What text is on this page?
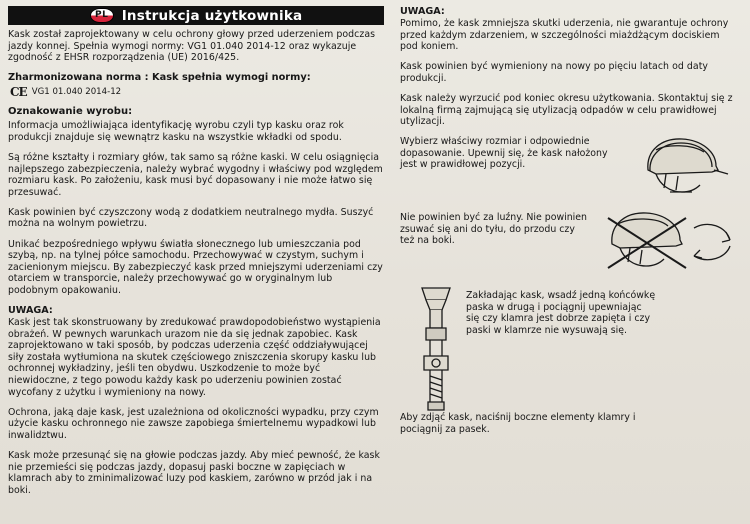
PL Instrukcja użytkownika

Kask został zaprojektowany w celu ochrony głowy przed uderzeniem podczas jazdy konnej. Spełnia wymogi normy: VG1 01.040 2014-12 oraz wykazuje zgodność z EHSR rozporządzenia (UE) 2016/425.

Zharmonizowana norma : Kask spełnia wymogi normy:
CE VG1 01.040 2014-12
Oznakowanie wyrobu:

Informacja umożliwiająca identyfikację wyrobu czyli typ kasku oraz rok produkcji znajduje się wewnątrz kasku na wszystkie wkładki od spodu.

Są różne kształty i rozmiary głów, tak samo są różne kaski. W celu osiągnięcia najlepszego zabezpieczenia, należy wybrać wygodny i właściwy pod względem rozmiaru kask. Po założeniu, kask musi być dopasowany i nie może łatwo się przesuwać.

Kask powinien być czyszczony wodą z dodatkiem neutralnego mydła. Suszyć można na wolnym powietrzu.

Unikać bezpośredniego wpływu światła słonecznego lub umieszczania pod szybą, np. na tylnej półce samochodu. Przechowywać w czystym, suchym i zacienionym miejscu. By zabezpieczyć kask przed mniejszymi uderzeniami czy otarciem w transporcie, należy przechowywać go w oryginalnym lub podobnym opakowaniu.

UWAGA:

Kask jest tak skonstruowany by zredukować prawdopodobieństwo wystąpienia obrażeń. W pewnych warunkach urazom nie da się jednak zapobiec. Kask zaprojektowano w taki sposób, by podczas uderzenia część oddziaływującej siły została wytłumiona na skutek częściowego zniszczenia skorupy kasku lub ochronnej wykładziny, jeśli ten obydwu. Uszkodzenie to może być niewidoczne, z tego powodu każdy kask po uderzeniu powinien zostać wycofany z użytku i wymieniony na nowy.

Ochrona, jaką daje kask, jest uzależniona od okoliczności wypadku, przy czym użycie kasku ochronnego nie zawsze zapobiega śmiertelnemu wypadkowi lub inwalidztwu.

Kask może przesunąć się na głowie podczas jazdy. Aby mieć pewność, że kask nie przemieści się podczas jazdy, dopasuj paski boczne w zapięciach w klamrach aby to zminimalizować luzy pod kaskiem, zarówno w przód jak i na boki.

UWAGA:

Pomimo, że kask zmniejsza skutki uderzenia, nie gwarantuje ochrony przed każdym zdarzeniem, w szczególności miażdżącym dociskiem pod koniem.

Kask powinien być wymieniony na nowy po pięciu latach od daty produkcji.

Kask należy wyrzucić pod koniec okresu użytkowania. Skontaktuj się z lokalną firmą zajmującą się utylizacją odpadów w celu prawidłowej utylizacji.

Wybierz właściwy rozmiar i odpowiednie dopasowanie. Upewnij się, że kask nałożony jest w prawidłowej pozycji.

Nie powinien być za luźny. Nie powinien zsuwać się ani do tyłu, do przodu czy też na boki.

Zakładając kask, wsadź jedną końcówkę paska w drugą i pociągnij upewniając się czy klamra jest dobrze zapięta i czy paski w klamrze nie wysuwają się.

Aby zdjąć kask, naciśnij boczne elementy klamry i pociągnij za pasek.
